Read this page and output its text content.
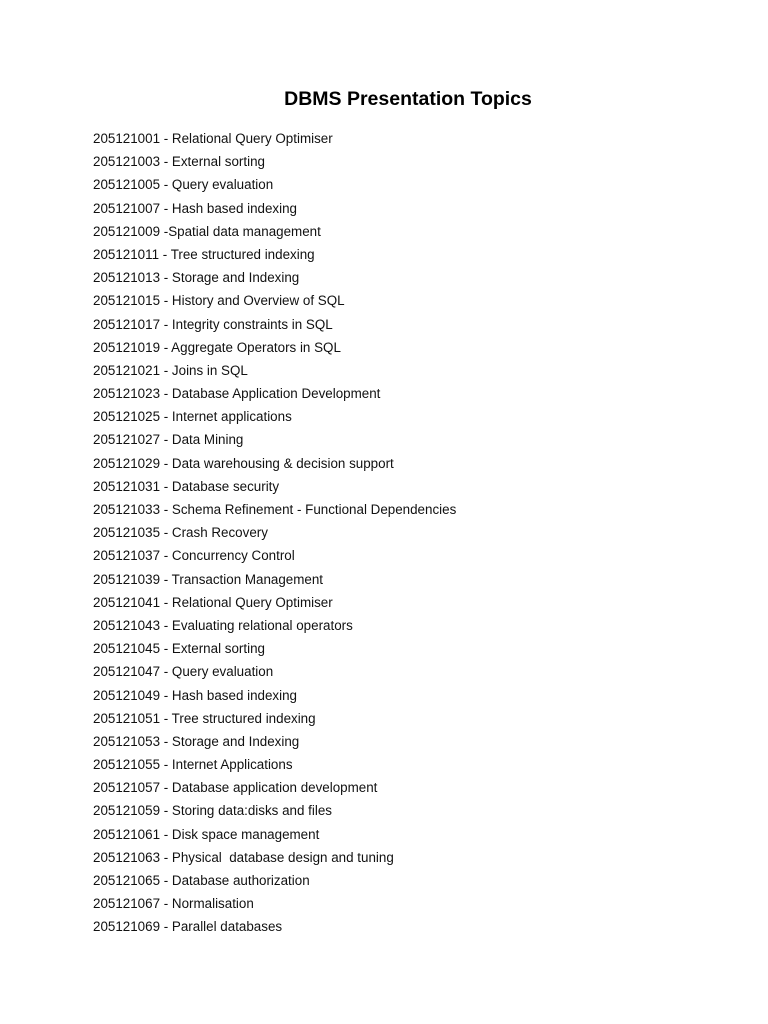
DBMS Presentation Topics
205121001 - Relational Query Optimiser
205121003 - External sorting
205121005 - Query evaluation
205121007 - Hash based indexing
205121009 -Spatial data management
205121011 - Tree structured indexing
205121013 - Storage and Indexing
205121015 - History and Overview of SQL
205121017 - Integrity constraints in SQL
205121019 - Aggregate Operators in SQL
205121021 - Joins in SQL
205121023 - Database Application Development
205121025 - Internet applications
205121027 - Data Mining
205121029 - Data warehousing & decision support
205121031 - Database security
205121033 - Schema Refinement - Functional Dependencies
205121035 - Crash Recovery
205121037 - Concurrency Control
205121039 - Transaction Management
205121041 - Relational Query Optimiser
205121043 - Evaluating relational operators
205121045 - External sorting
205121047 - Query evaluation
205121049 - Hash based indexing
205121051 - Tree structured indexing
205121053 - Storage and Indexing
205121055 - Internet Applications
205121057 - Database application development
205121059 - Storing data:disks and files
205121061 - Disk space management
205121063 - Physical  database design and tuning
205121065 - Database authorization
205121067 - Normalisation
205121069 - Parallel databases
